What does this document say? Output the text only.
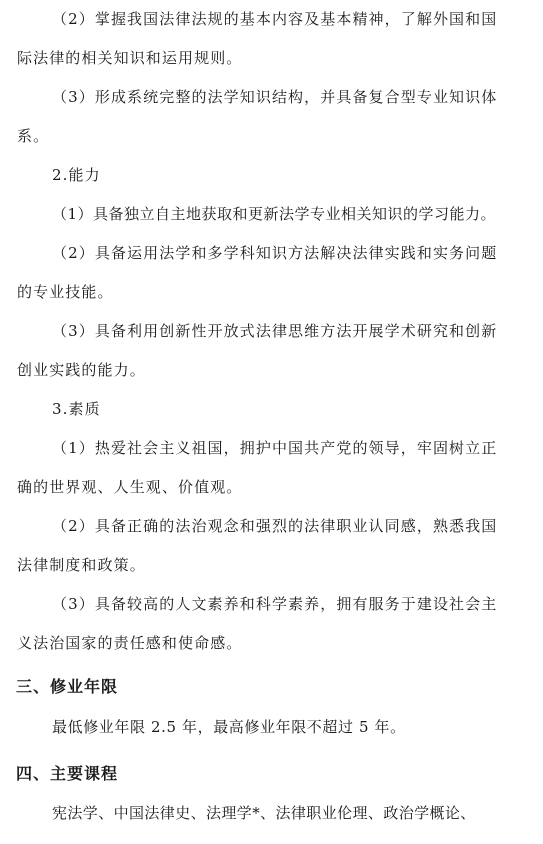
（2）掌握我国法律法规的基本内容及基本精神，了解外国和国
际法律的相关知识和运用规则。
（3）形成系统完整的法学知识结构，并具备复合型专业知识体
系。
2.能力
（1）具备独立自主地获取和更新法学专业相关知识的学习能力。
（2）具备运用法学和多学科知识方法解决法律实践和实务问题
的专业技能。
（3）具备利用创新性开放式法律思维方法开展学术研究和创新
创业实践的能力。
3.素质
（1）热爱社会主义祖国，拥护中国共产党的领导，牢固树立正
确的世界观、人生观、价值观。
（2）具备正确的法治观念和强烈的法律职业认同感，熟悉我国
法律制度和政策。
（3）具备较高的人文素养和科学素养，拥有服务于建设社会主
义法治国家的责任感和使命感。
三、修业年限
最低修业年限 2.5 年，最高修业年限不超过 5 年。
四、主要课程
宪法学、中国法律史、法理学*、法律职业伦理、政治学概论、
